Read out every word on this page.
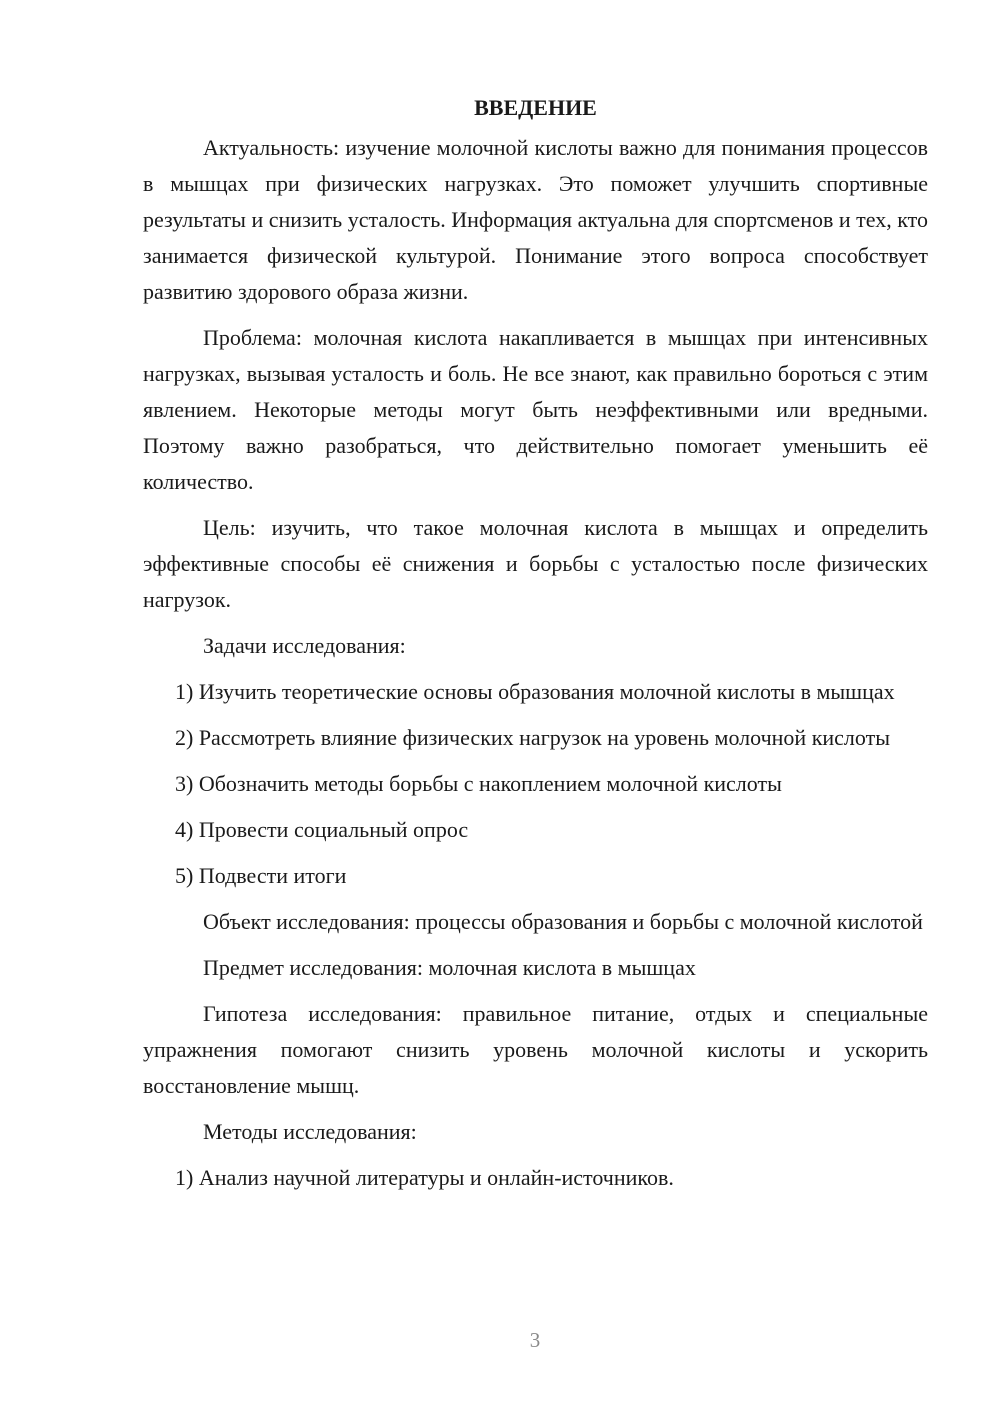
ВВЕДЕНИЕ

Актуальность: изучение молочной кислоты важно для понимания процессов в мышцах при физических нагрузках. Это поможет улучшить спортивные результаты и снизить усталость. Информация актуальна для спортсменов и тех, кто занимается физической культурой. Понимание этого вопроса способствует развитию здорового образа жизни.

Проблема: молочная кислота накапливается в мышцах при интенсивных нагрузках, вызывая усталость и боль. Не все знают, как правильно бороться с этим явлением. Некоторые методы могут быть неэффективными или вредными. Поэтому важно разобраться, что действительно помогает уменьшить её количество.

Цель: изучить, что такое молочная кислота в мышцах и определить эффективные способы её снижения и борьбы с усталостью после физических нагрузок.

Задачи исследования:

1) Изучить теоретические основы образования молочной кислоты в мышцах

2) Рассмотреть влияние физических нагрузок на уровень молочной кислоты

3) Обозначить методы борьбы с накоплением молочной кислоты

4) Провести социальный опрос

5) Подвести итоги

Объект исследования: процессы образования и борьбы с молочной кислотой

Предмет исследования: молочная кислота в мышцах

Гипотеза исследования: правильное питание, отдых и специальные упражнения помогают снизить уровень молочной кислоты и ускорить восстановление мышц.

Методы исследования:

1) Анализ научной литературы и онлайн-источников.

3
